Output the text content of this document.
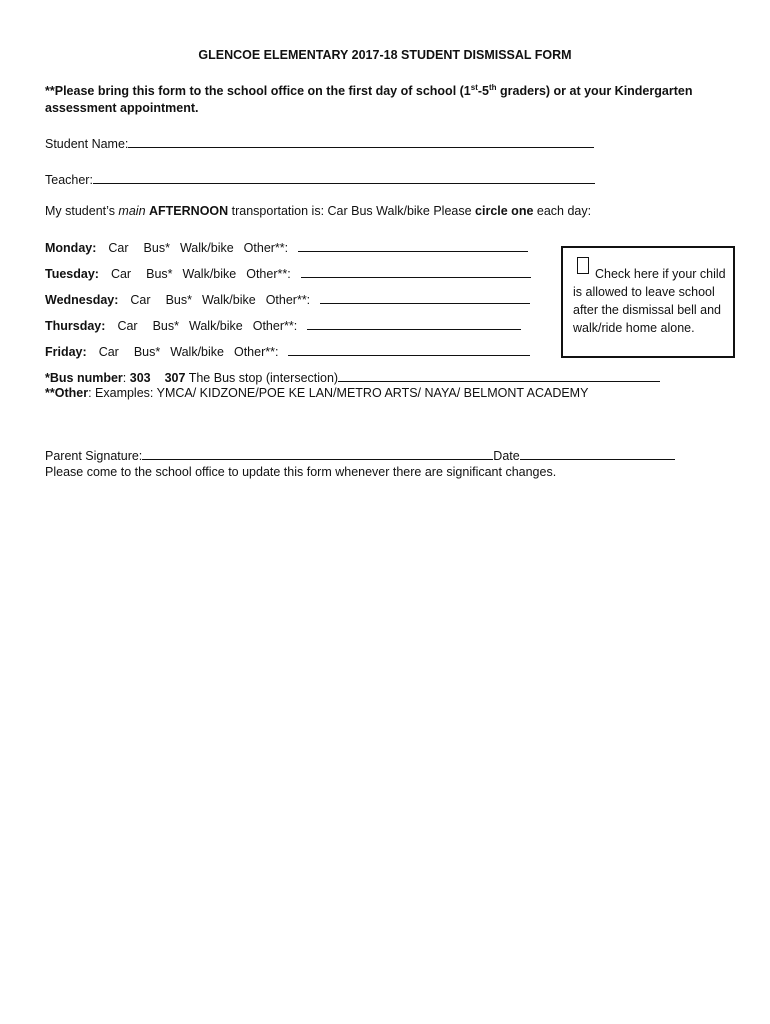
GLENCOE ELEMENTARY 2017-18 STUDENT DISMISSAL FORM
**Please bring this form to the school office on the first day of school (1st-5th graders) or at your Kindergarten
assessment appointment.
Student Name:
Teacher:
My student’s main AFTERNOON transportation is: Car Bus Walk/bike Please circle one each day:
Monday: Car Bus* Walk/bike Other**:
Tuesday: Car Bus* Walk/bike Other**:
Wednesday: Car Bus* Walk/bike Other**:
Thursday: Car Bus* Walk/bike Other**:
Friday: Car Bus* Walk/bike Other**:
Check here if your child is allowed to leave school after the dismissal bell and walk/ride home alone.
*Bus number: 303 307 The Bus stop (intersection)
**Other: Examples: YMCA/ KIDZONE/POE KE LAN/METRO ARTS/ NAYA/ BELMONT ACADEMY
Parent Signature:	Date
Please come to the school office to update this form whenever there are significant changes.
